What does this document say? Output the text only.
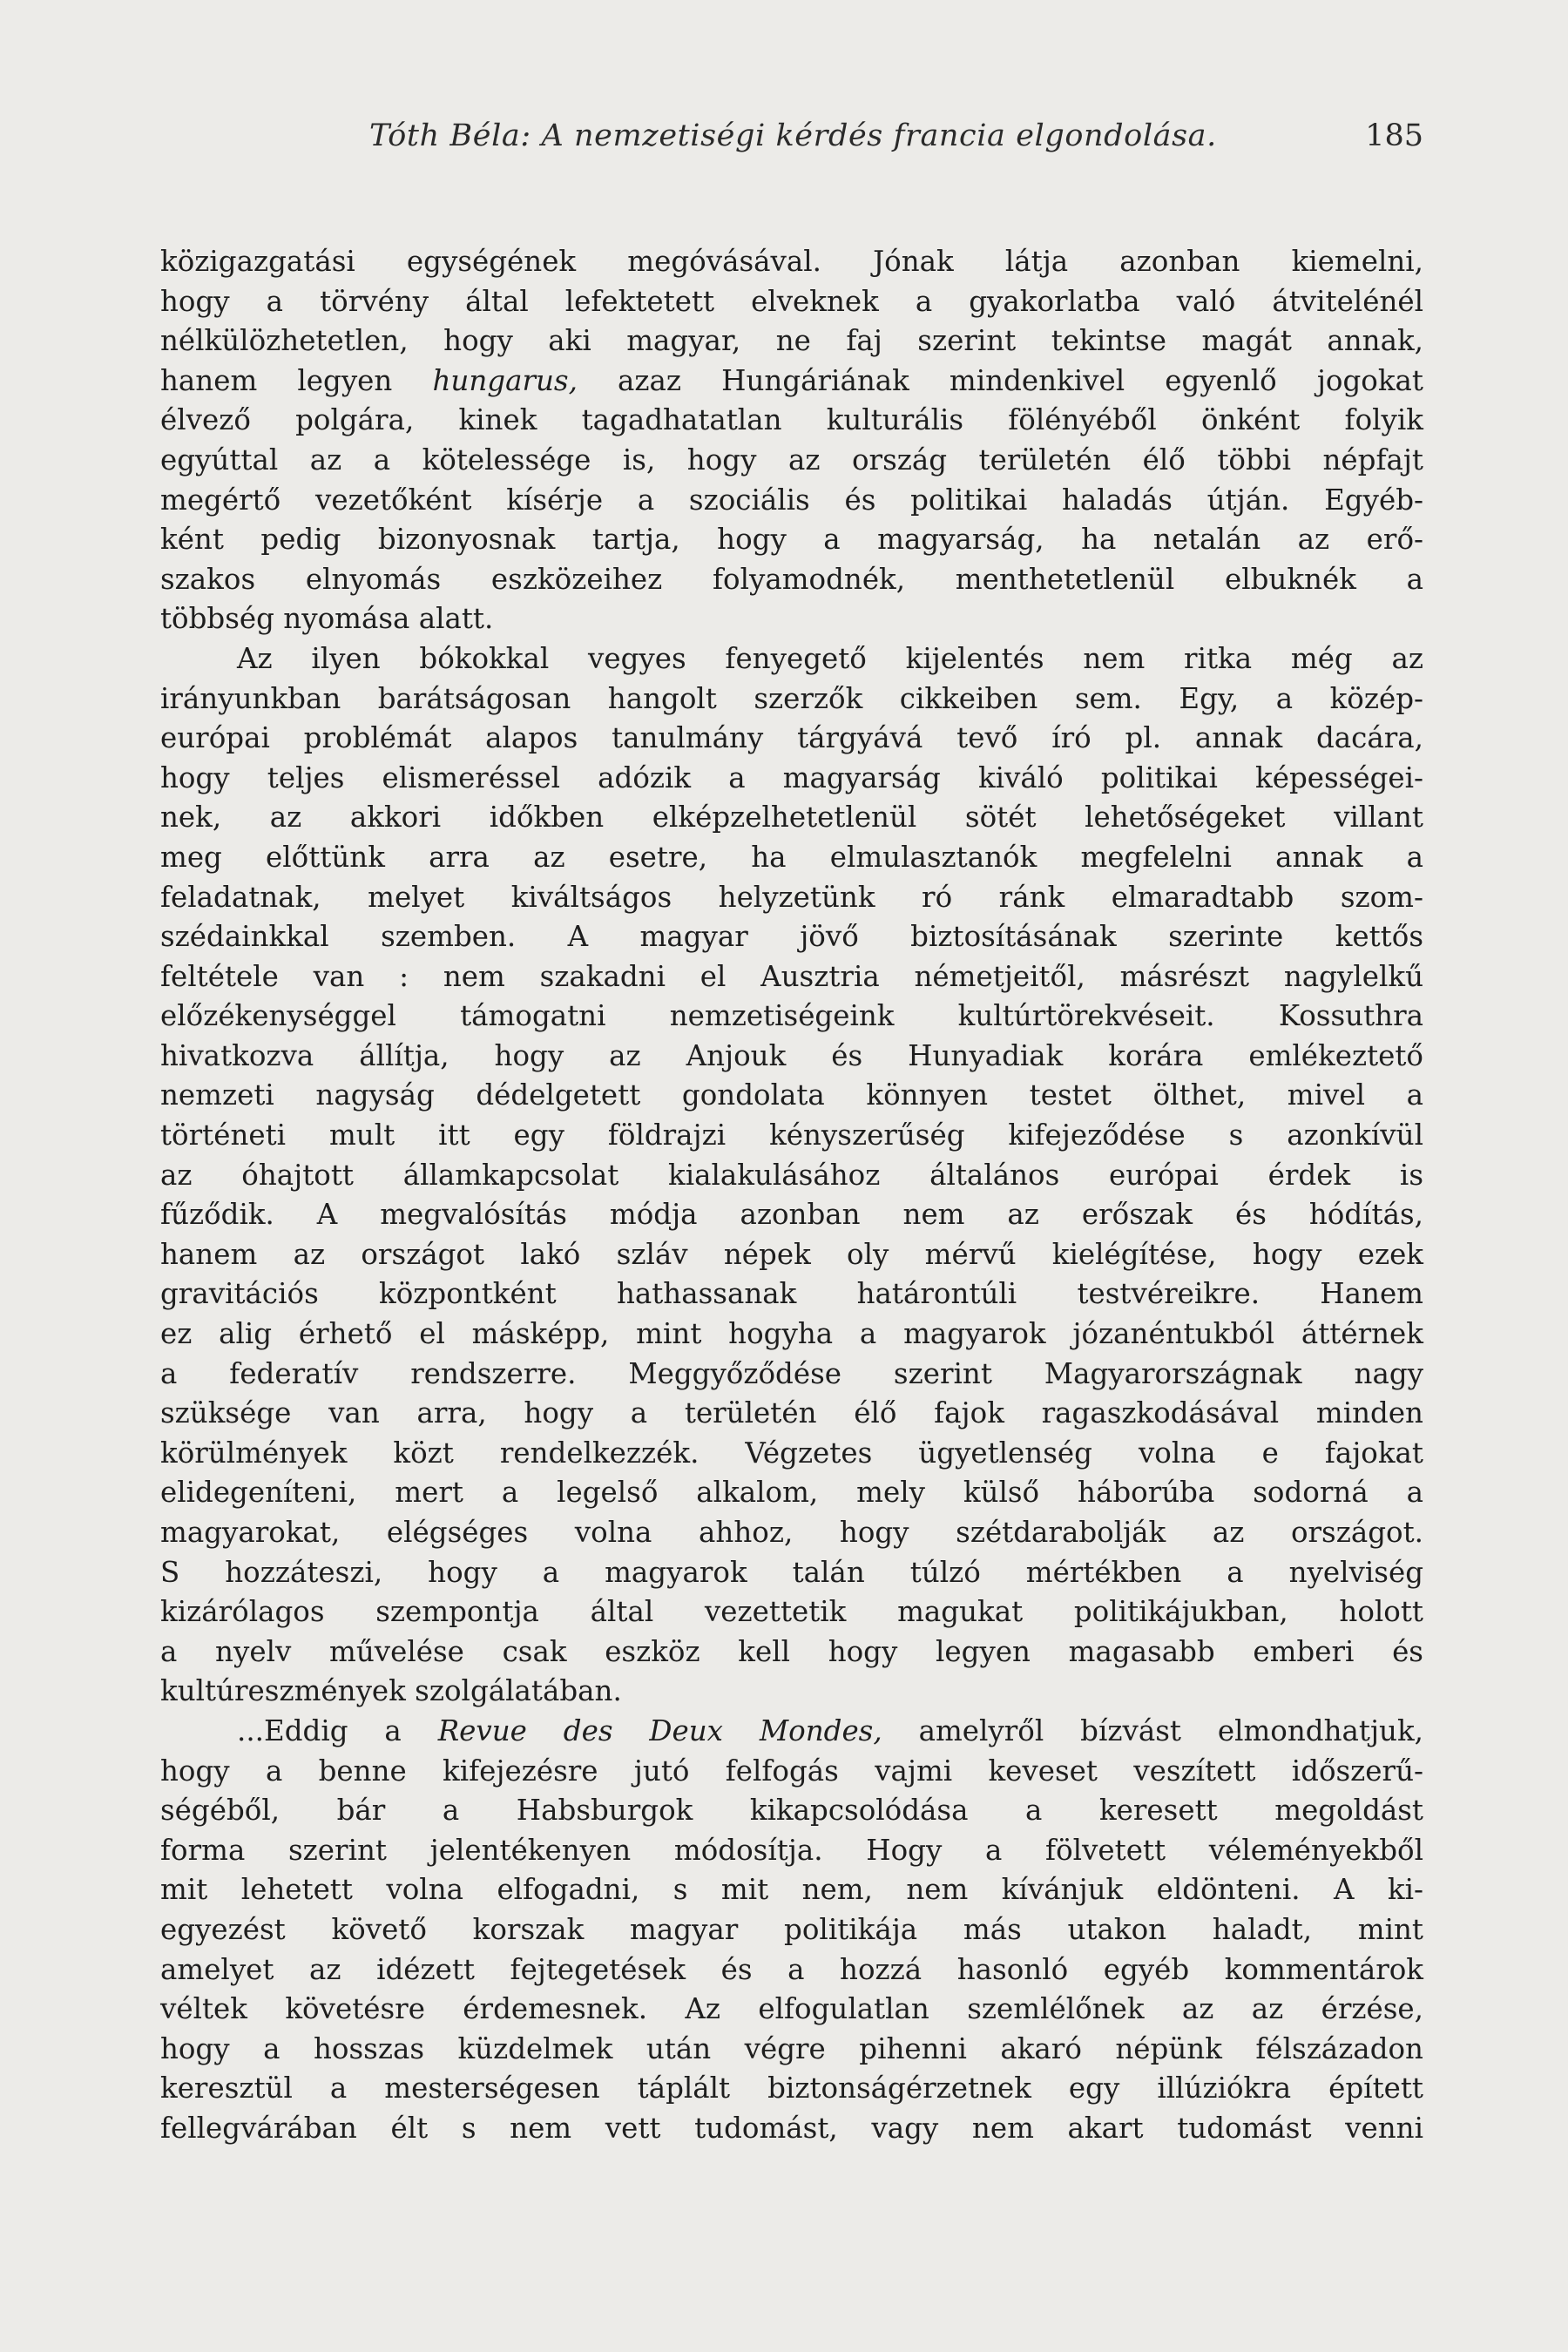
Tóth Béla: A nemzetiségi kérdés francia elgondolása.	185
közigazgatási egységének megóvásával. Jónak látja azonban kiemelni,
hogy a törvény által lefektetett elveknek a gyakorlatba való átvitelénél
nélkülözhetetlen, hogy aki magyar, ne faj szerint tekintse magát annak,
hanem legyen hungarus, azaz Hungáriának mindenkivel egyenlő jogokat
élvező polgára, kinek tagadhatatlan kulturális fölényéből önként folyik
egyúttal az a kötelessége is, hogy az ország területén élő többi népfajt
megértő vezetőként kísérje a szociális és politikai haladás útján. Egyéb-
ként pedig bizonyosnak tartja, hogy a magyarság, ha netalán az erő-
szakos elnyomás eszközeihez folyamodnék, menthetetlenül elbuknék a
többség nyomása alatt.
Az ilyen bókokkal vegyes fenyegető kijelentés nem ritka még az
irányunkban barátságosan hangolt szerzők cikkeiben sem. Egy, a közép-
európai problémát alapos tanulmány tárgyává tevő író pl. annak dacára,
hogy teljes elismeréssel adózik a magyarság kiváló politikai képességei-
nek, az akkori időkben elképzelhetetlenül sötét lehetőségeket villant
meg előttünk arra az esetre, ha elmulasztanók megfelelni annak a
feladatnak, melyet kiváltságos helyzetünk ró ránk elmaradtabb szom-
szédainkkal szemben. A magyar jövő biztosításának szerinte kettős
feltétele van : nem szakadni el Ausztria németjeitől, másrészt nagylelkű
előzékenységgel támogatni nemzetiségeink kultúrtörekvéseit. Kossuthra
hivatkozva állítja, hogy az Anjouk és Hunyadiak korára emlékeztető
nemzeti nagyság dédelgetett gondolata könnyen testet ölthet, mivel a
történeti mult itt egy földrajzi kényszerűség kifejeződése s azonkívül
az óhajtott államkapcsolat kialakulásához általános európai érdek is
fűződik. A megvalósítás módja azonban nem az erőszak és hódítás,
hanem az országot lakó szláv népek oly mérvű kielégítése, hogy ezek
gravitációs központként hathassanak határontúli testvéreikre. Hanem
ez alig érhető el másképp, mint hogyha a magyarok józanéntukból áttérnek
a federatív rendszerre. Meggyőződése szerint Magyarországnak nagy
szüksége van arra, hogy a területén élő fajok ragaszkodásával minden
körülmények közt rendelkezzék. Végzetes ügyetlenség volna e fajokat
elidegeníteni, mert a legelső alkalom, mely külső háborúba sodorná a
magyarokat, elégséges volna ahhoz, hogy szétdarabolják az országot.
S hozzáteszi, hogy a magyarok talán túlzó mértékben a nyelviség
kizárólagos szempontja által vezettetik magukat politikájukban, holott
a nyelv művelése csak eszköz kell hogy legyen magasabb emberi és
kultúreszmények szolgálatában.
...Eddig a Revue des Deux Mondes, amelyről bízvást elmondhatjuk,
hogy a benne kifejezésre jutó felfogás vajmi keveset veszített időszerű-
ségéből, bár a Habsburgok kikapcsolódása a keresett megoldást
forma szerint jelentékenyen módosítja. Hogy a fölvetett véleményekből
mit lehetett volna elfogadni, s mit nem, nem kívánjuk eldönteni. A ki-
egyezést követő korszak magyar politikája más utakon haladt, mint
amelyet az idézett fejtegetések és a hozzá hasonló egyéb kommentárok
véltek követésre érdemesnek. Az elfogulatlan szemlélőnek az az érzése,
hogy a hosszas küzdelmek után végre pihenni akaró népünk félszázadon
keresztül a mesterségesen táplált biztonságérzetnek egy illúziókra épített
fellegvárában élt s nem vett tudomást, vagy nem akart tudomást venni
